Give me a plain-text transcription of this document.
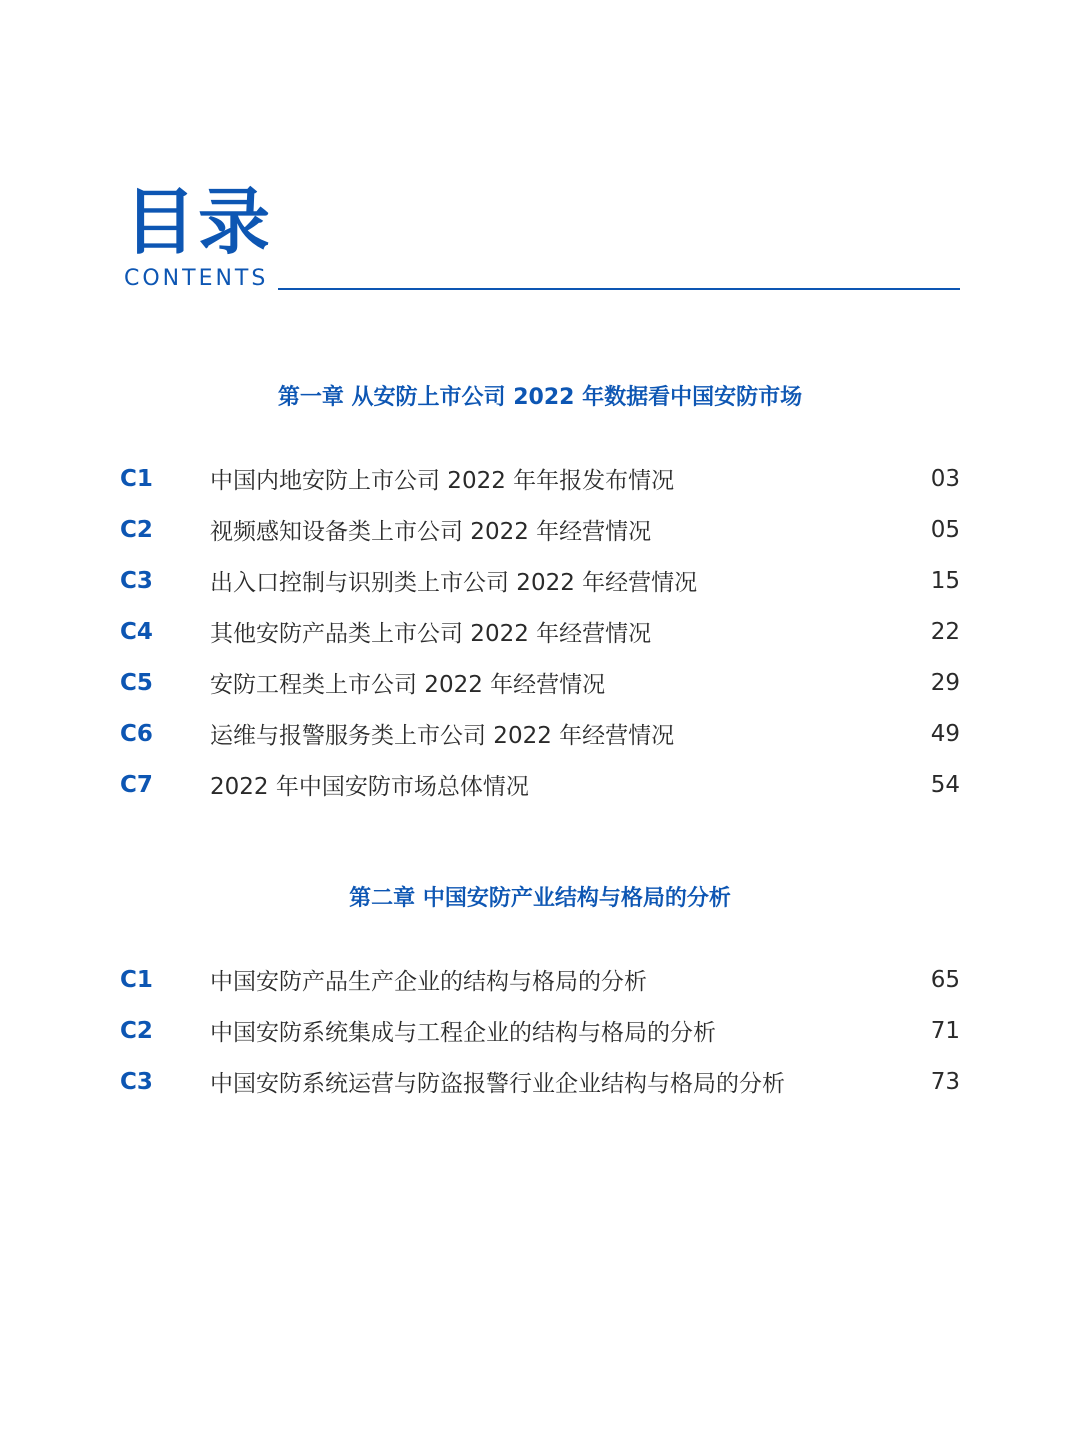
目录
CONTENTS
第一章 从安防上市公司 2022 年数据看中国安防市场
C1	中国内地安防上市公司 2022 年年报发布情况	03
C2	视频感知设备类上市公司 2022 年经营情况	05
C3	出入口控制与识别类上市公司 2022 年经营情况	15
C4	其他安防产品类上市公司 2022 年经营情况	22
C5	安防工程类上市公司 2022 年经营情况	29
C6	运维与报警服务类上市公司 2022 年经营情况	49
C7	2022 年中国安防市场总体情况	54
第二章 中国安防产业结构与格局的分析
C1	中国安防产品生产企业的结构与格局的分析	65
C2	中国安防系统集成与工程企业的结构与格局的分析	71
C3	中国安防系统运营与防盗报警行业企业结构与格局的分析	73
